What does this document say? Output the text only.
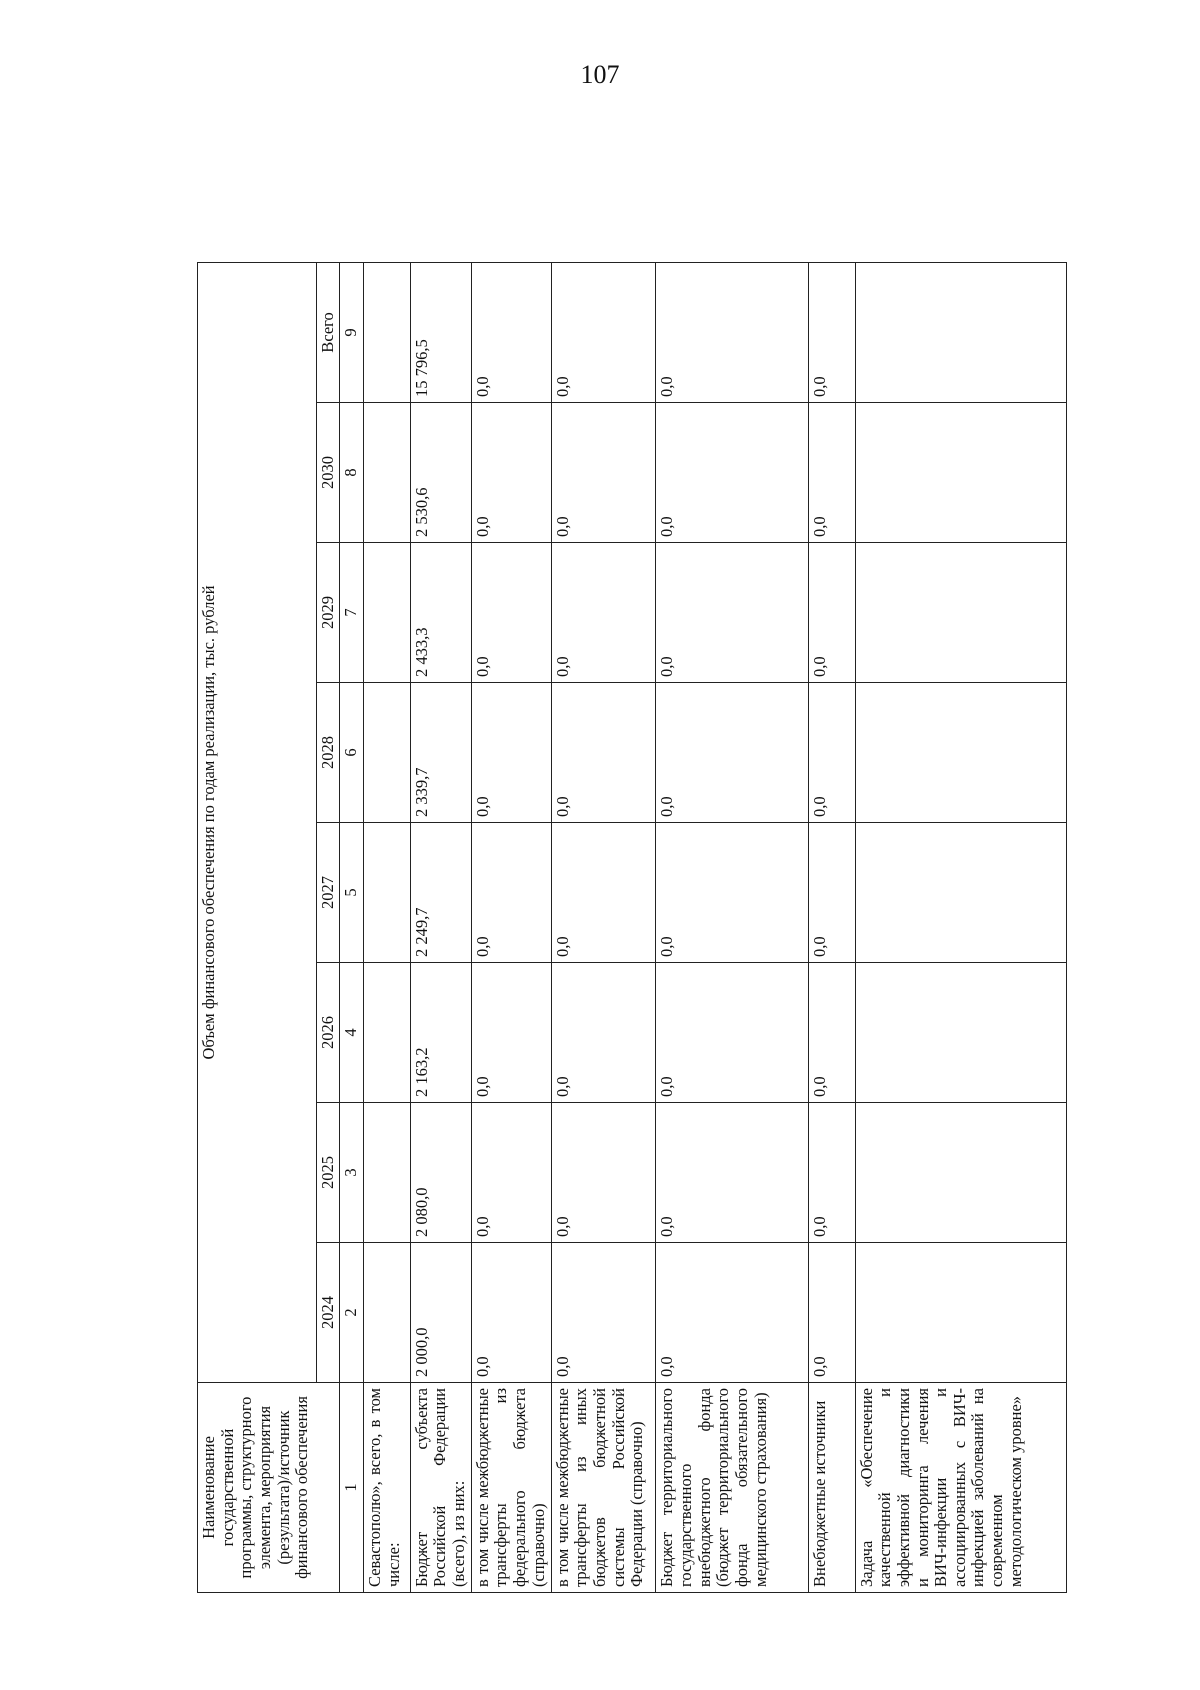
107
Наименование государственной программы, структурного элемента, мероприятия (результата)/источник финансового обеспечения	Объем финансового обеспечения по годам реализации, тыс. рублей							
	2024	2025	2026	2027	2028	2029	2030	Всего
1	2	3	4	5	6	7	8	9
Севастополю», всего, в том числе:								
Бюджет субъекта Российской Федерации (всего), из них:	2 000,0	2 080,0	2 163,2	2 249,7	2 339,7	2 433,3	2 530,6	15 796,5
в том числе межбюджетные трансферты из федерального бюджета (справочно)	0,0	0,0	0,0	0,0	0,0	0,0	0,0	0,0
в том числе межбюджетные трансферты из иных бюджетов бюджетной системы Российской Федерации (справочно)	0,0	0,0	0,0	0,0	0,0	0,0	0,0	0,0
Бюджет территориального государственного внебюджетного фонда (бюджет территориального фонда обязательного медицинского страхования)	0,0	0,0	0,0	0,0	0,0	0,0	0,0	0,0
Внебюджетные источники	0,0	0,0	0,0	0,0	0,0	0,0	0,0	0,0
Задача «Обеспечение качественной и эффективной диагностики и мониторинга лечения ВИЧ-инфекции и ассоциированных с ВИЧ-инфекцией заболеваний на современном методологическом уровне»								
